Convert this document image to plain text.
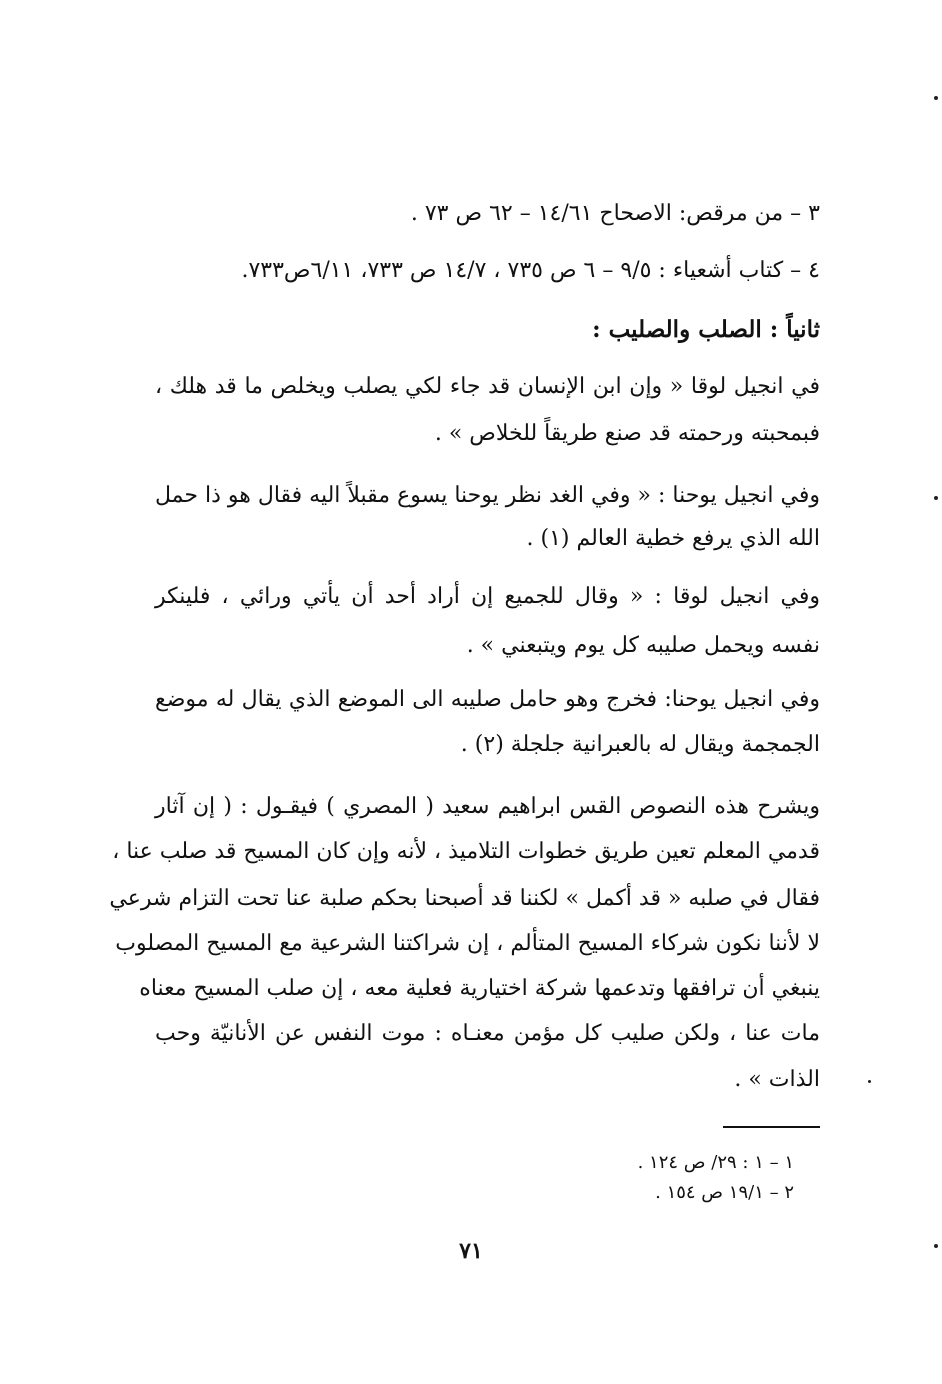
٣ – من مرقص: الاصحاح ١٤/٦١ – ٦٢ ص ٧٣ .
٤ – كتاب أشعياء : ٩/٥ – ٦ ص ٧٣٥ ، ١٤/٧ ص ٧٣٣، ٦/١١ص٧٣٣.
ثانياً : الصلب والصليب :
في انجيل لوقا « وإن ابن الإنسان قد جاء لكي يصلب ويخلص ما قد هلك ،
فبمحبته ورحمته قد صنع طريقاً للخلاص » .
وفي انجيل يوحنا : « وفي الغد نظر يوحنا يسوع مقبلاً اليه فقال هو ذا حمل
الله الذي يرفع خطية العالم (١) .
وفي انجيل لوقا : « وقال للجميع إن أراد أحد أن يأتي ورائي ، فلينكر
نفسه ويحمل صليبه كل يوم ويتبعني » .
وفي انجيل يوحنا: فخرج وهو حامل صليبه الى الموضع الذي يقال له موضع
الجمجمة ويقال له بالعبرانية جلجلة (٢) .
ويشرح هذه النصوص القس ابراهيم سعيد ( المصري ) فيقـول : ( إن آثار
قدمي المعلم تعين طريق خطوات التلاميذ ، لأنه وإن كان المسيح قد صلب عنا ،
فقال في صلبه « قد أكمل » لكننا قد أصبحنا بحكم صلبة عنا تحت التزام شرعي
لا لأننا نكون شركاء المسيح المتألم ، إن شراكتنا الشرعية مع المسيح المصلوب
ينبغي أن ترافقها وتدعمها شركة اختيارية فعلية معه ، إن صلب المسيح معناه
مات عنا ، ولكن صليب كل مؤمن معنـاه : موت النفس عن الأنانيّة وحب
الذات » .
١ – ١ : ٢٩/ ص ١٢٤ .
٢ – ١٩/١ ص ١٥٤ .
٧١
